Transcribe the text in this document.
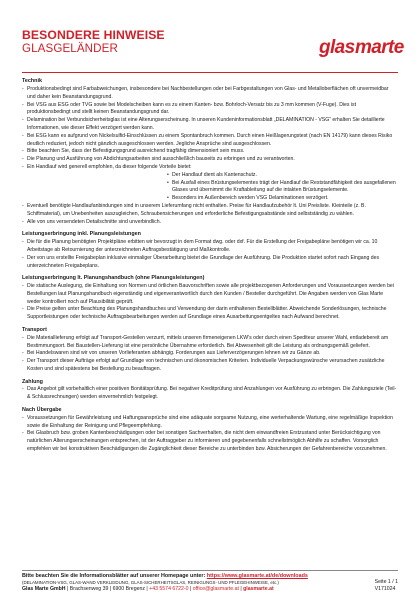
BESONDERE HINWEISE
GLASGELÄNDER	glas marte
Technik
- Produktionsbedingt sind Farbabweichungen, insbesondere bei Nachbestellungen oder bei Farbgestaltungen von Glas- und Metalloberflächen oft unvermeidbar und daher kein Beanstandungsgrund.
- Bei VSG aus ESG oder TVG sowie bei Modelscheiben kann es zu einem Kanten- bzw. Bohrloch-Versatz bis zu 3 mm kommen (V-Fuge). Dies ist produktionsbedingt und stellt keinen Beanstandungsgrund dar.
- Delamination bei Verbundsicherheitsglas ist eine Alterungserscheinung. In unseren Kundeninformationsblatt „DELAMINATION - VSG“ erhalten Sie detaillierte Informationen, wie dieser Effekt verzögert werden kann.
- Bei ESG kann es aufgrund von Nickelsulfid-Einschlüssen zu einem Spontanbruch kommen. Durch einen Heißlagerungstest (nach EN 14179) kann dieses Risiko deutlich reduziert, jedoch nicht gänzlich ausgeschlossen werden. Jegliche Ansprüche sind ausgeschlossen.
- Bitte beachten Sie, dass der Befestigungsgrund ausreichend tragfähig dimensioniert sein muss.
- Die Planung und Ausführung von Abdichtungsarbeiten sind ausschließlich bauseits zu erbringen und zu verantworten.
- Ein Handlauf wird generell empfohlen, da dieser folgende Vorteile bietet:
• Der Handlauf dient als Kantenschutz.
• Bei Ausfall eines Brüstungselementes trägt der Handlauf die Reststandfähigkeit des ausgefallenen Glases und übernimmt die Kraftableitung auf die intakten Brüstungselemente.
• Besonders im Außenbereich werden VSG Delaminationen verzögert.
- Eventuell benötigte Handlaufanbindungen sind in unserem Lieferumfang nicht enthalten. Preise für Handlaufzubehör lt. Uni Preisliste. Kleinteile (z. B. Schiftmaterial), um Unebenheiten auszugleichen, Schraubensicherungen und erforderliche Befestigungsabstände sind selbstständig zu wählen.
- Alle von uns versendeten Detailschnitte sind unverbindlich.
Leistungserbringung inkl. Planungsleistungen
- Die für die Planung benötigten Projektpläne erbitten wir bevorzugt in dem Format dwg. oder dxf. Für die Erstellung der Freigabepläne benötigen wir ca. 10 Arbeitstage ab Retournierung der unterzeichneten Auftragsbestätigung und Maßkontrolle.
- Der von uns erstellte Freigabeplan inklusive einmaliger Überarbeitung bietet die Grundlage der Ausführung. Die Produktion startet sofort nach Eingang des unterzeichneten Freigabeplans.
Leistungserbringung lt. Planungshandbuch (ohne Planungsleistungen)
- Die statische Auslegung, die Einhaltung von Normen und örtlichen Bauvorschriften sowie alle projektbezogenen Anforderungen und Voraussetzungen werden bei Bestellungen laut Planungshandbuch eigenständig und eigenverantwortlich durch den Kunden / Besteller durchgeführt. Die Angaben werden von Glas Marte weder kontrolliert noch auf Plausibilität geprüft.
- Die Preise gelten unter Beachtung des Planungshandbuches und Verwendung der darin enthaltenen Bestellblätter. Abweichende Sonderlösungen, technische Supportleistungen oder technische Auftragsbearbeitungen werden auf Grundlage eines Ausarbeitungsentgeltes nach Aufwand berechnet.
Transport
- Die Materiallieferung erfolgt auf Transport-Gestellen verzurrt, mittels unseren firmeneigenen LKW's oder durch einen Spediteur unserer Wahl, entladebereit am Bestimmungsort. Bei Baustellen-Lieferung ist eine persönliche Übernahme erforderlich. Bei Abwesenheit gilt die Leistung als ordnungsgemäß geliefert.
- Bei Handelswaren sind wir von unseren Vorlieferanten abhängig. Forderungen aus Lieferverzögerungen lehnen wir zu Gänze ab.
- Der Transport dieser Aufträge erfolgt auf Grundlage von technischen und ökonomischen Kriterien. Individuelle Verpackungswünsche verursachen zusätzliche Kosten und sind spätestens bei Bestellung zu beauftragen.
Zahlung
- Das Angebot gilt vorbehaltlich einer positiven Bonitätsprüfung. Bei negativer Kreditprüfung sind Anzahlungen vor Ausführung zu erbringen. Die Zahlungsziele (Teil- & Schlussrechnungen) werden einvernehmlich festgelegt.
Nach Übergabe
- Voraussetzungen für Gewährleistung und Haftungsansprüche sind eine adäquate sorgsame Nutzung, eine werterhaltende Wartung, eine regelmäßige Inspektion sowie die Einhaltung der Reinigung und Pflegeempfehlung.
- Bei Glasbruch bzw. groben Kantenbeschädigungen oder bei sonstigen Sachverhalten, die nicht dem einwandfreien Erstzustand unter Berücksichtigung von natürlichen Alterungserscheinungen entsprechen, ist der Auftraggeber zu informieren und gegebenenfalls schnellstmöglich Abhilfe zu schaffen. Vorsorglich empfehlen wir bei konstruktiven Beschädigungen die Zugänglichkeit dieser Bereiche zu unterbinden bzw. Absicherungen der Gefahrenbereiche vorzunehmen.
Bitte beachten Sie die Informationsblätter auf unserer Homepage unter: https://www.glasmarte.at/de/downloads
(DELAMINATION-VSG, GLAS-WAND VERKLEIDUNG, GLAS-SICHERHEITSGLAS, REINIGUNGS- UND PFLEGEHINWEISE, etc.)
Glas Marte GmbH | Brachsenweg 39 | 6900 Bregenz | +43 5574 6722-0 | office@glasmarte.at | glasmarte.at
Seite 1 / 1
V171024
